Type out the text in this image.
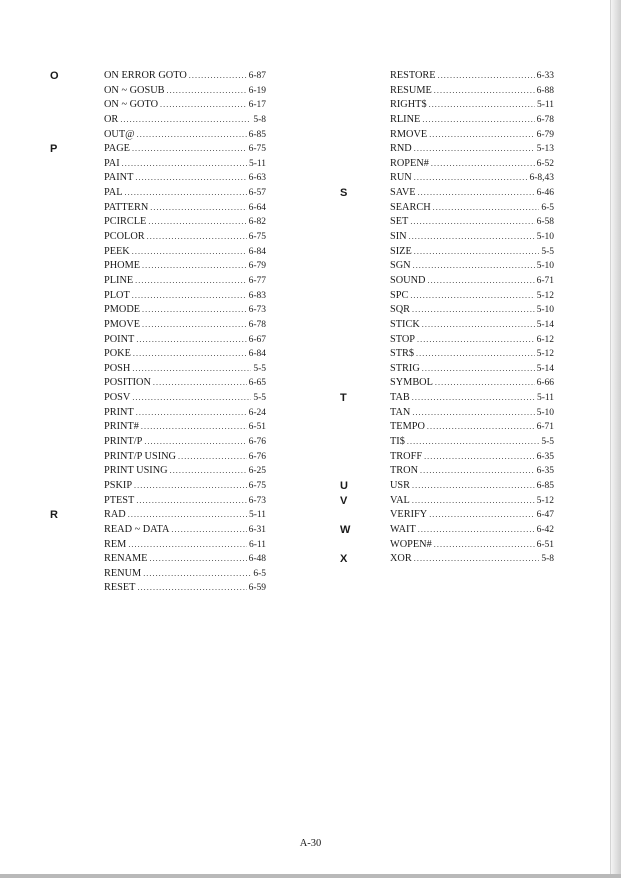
O	ON ERROR GOTO .....	6-87
ON ~ GOSUB .....	6-19
ON ~ GOTO .....	6-17
OR .....	5-8
OUT@ .....	6-85
P	PAGE .....	6-75
PAI .....	5-11
PAINT .....	6-63
PAL .....	6-57
PATTERN .....	6-64
PCIRCLE .....	6-82
PCOLOR .....	6-75
PEEK .....	6-84
PHOME .....	6-79
PLINE .....	6-77
PLOT .....	6-83
PMODE .....	6-73
PMOVE .....	6-78
POINT .....	6-67
POKE .....	6-84
POSH .....	5-5
POSITION .....	6-65
POSV .....	5-5
PRINT .....	6-24
PRINT# .....	6-51
PRINT/P .....	6-76
PRINT/P USING .....	6-76
PRINT USING .....	6-25
PSKIP .....	6-75
PTEST .....	6-73
R	RAD .....	5-11
READ ~ DATA .....	6-31
REM .....	6-11
RENAME .....	6-48
RENUM .....	6-5
RESET .....	6-59
RESTORE .....	6-33
RESUME .....	6-88
RIGHT$ .....	5-11
RLINE .....	6-78
RMOVE .....	6-79
RND .....	5-13
ROPEN# .....	6-52
RUN .....	6-8,43
S	SAVE .....	6-46
SEARCH .....	6-5
SET .....	6-58
SIN .....	5-10
SIZE .....	5-5
SGN .....	5-10
SOUND .....	6-71
SPC .....	5-12
SQR .....	5-10
STICK .....	5-14
STOP .....	6-12
STR$ .....	5-12
STRIG .....	5-14
SYMBOL .....	6-66
T	TAB .....	5-11
TAN .....	5-10
TEMPO .....	6-71
TI$ .....	5-5
TROFF .....	6-35
TRON .....	6-35
U	USR .....	6-85
V	VAL .....	5-12
VERIFY .....	6-47
W	WAIT .....	6-42
WOPEN# .....	6-51
X	XOR .....	5-8
A-30
